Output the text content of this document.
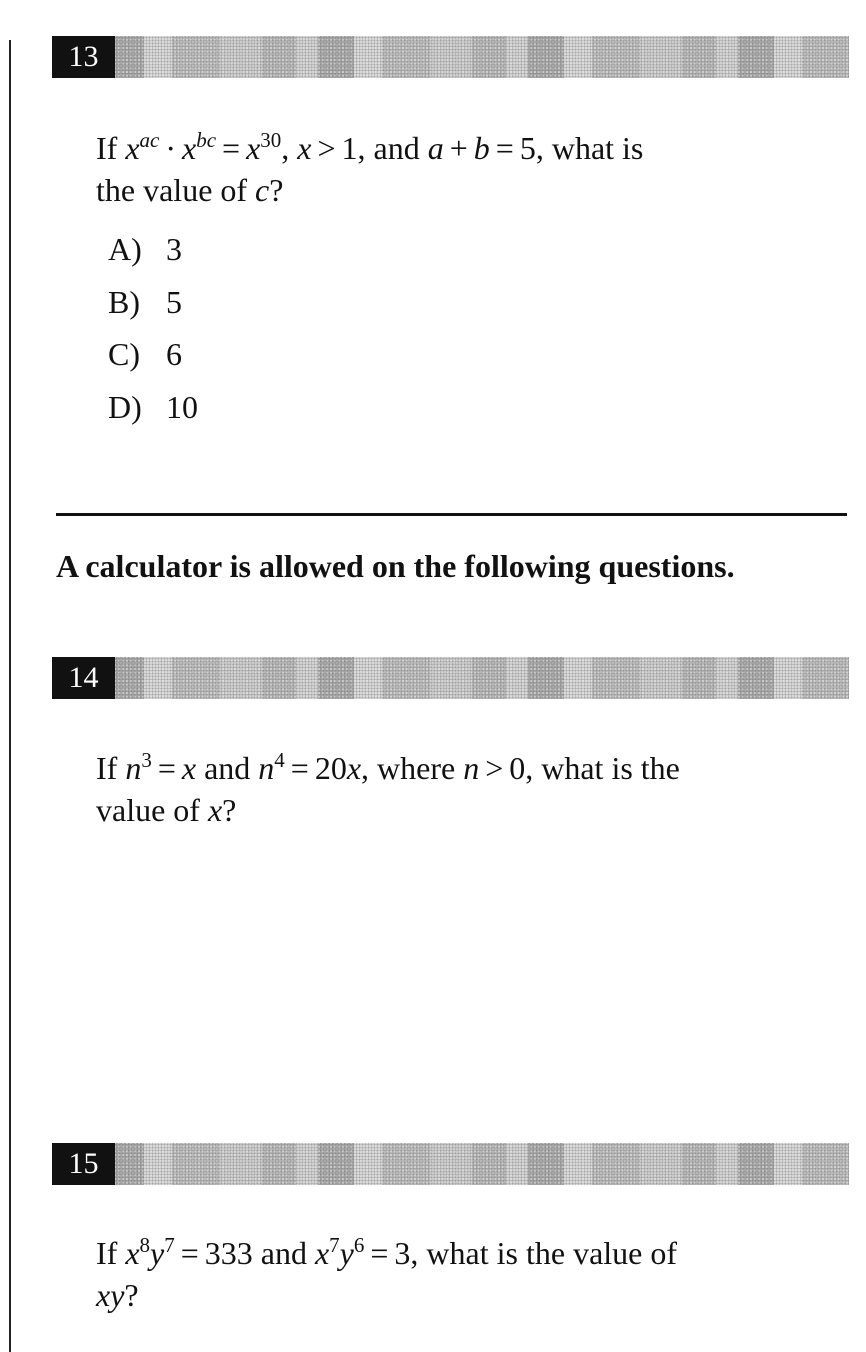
13
If $x^{ac} \cdot x^{bc} = x^{30}$, x > 1, and a + b = 5, what is
the value of c?
A) 3
B) 5
C) 6
D) 10
A calculator is allowed on the following questions.
14
If $n^3 = x$ and $n^4 = 20x$, where n > 0, what is the
value of x?
15
If $x^8y^7 = 333$ and $x^7y^6 = 3$, what is the value of
xy?
